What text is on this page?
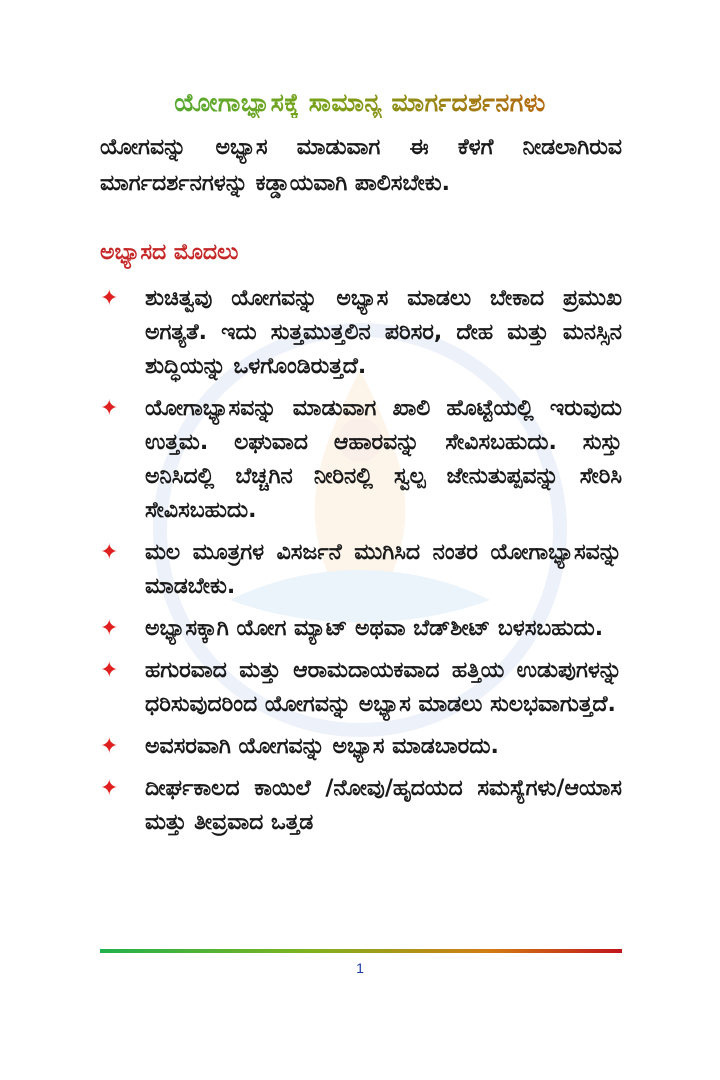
ಯೋಗಾಭ್ಯಾಸಕ್ಕೆ ಸಾಮಾನ್ಯ ಮಾರ್ಗದರ್ಶನಗಳು
ಯೋಗವನ್ನು ಅಭ್ಯಾಸ ಮಾಡುವಾಗ ಈ ಕೆಳಗೆ ನೀಡಲಾಗಿರುವ ಮಾರ್ಗದರ್ಶನಗಳನ್ನು ಕಡ್ಡಾಯವಾಗಿ ಪಾಲಿಸಬೇಕು.
ಅಭ್ಯಾಸದ ಮೊದಲು
✦ ಶುಚಿತ್ವವು ಯೋಗವನ್ನು ಅಭ್ಯಾಸ ಮಾಡಲು ಬೇಕಾದ ಪ್ರಮುಖ ಅಗತ್ಯತೆ. ಇದು ಸುತ್ತಮುತ್ತಲಿನ ಪರಿಸರ, ದೇಹ ಮತ್ತು ಮನಸ್ಸಿನ ಶುದ್ಧಿಯನ್ನು ಒಳಗೊಂಡಿರುತ್ತದೆ.
✦ ಯೋಗಾಭ್ಯಾಸವನ್ನು ಮಾಡುವಾಗ ಖಾಲಿ ಹೊಟ್ಟೆಯಲ್ಲಿ ಇರುವುದು ಉತ್ತಮ. ಲಘುವಾದ ಆಹಾರವನ್ನು ಸೇವಿಸಬಹುದು. ಸುಸ್ತು ಅನಿಸಿದಲ್ಲಿ ಬೆಚ್ಚಗಿನ ನೀರಿನಲ್ಲಿ ಸ್ವಲ್ಪ ಜೇನುತುಪ್ಪವನ್ನು ಸೇರಿಸಿ ಸೇವಿಸಬಹುದು.
✦ ಮಲ ಮೂತ್ರಗಳ ವಿಸರ್ಜನೆ ಮುಗಿಸಿದ ನಂತರ ಯೋಗಾಭ್ಯಾಸವನ್ನು ಮಾಡಬೇಕು.
✦ ಅಭ್ಯಾಸಕ್ಕಾಗಿ ಯೋಗ ಮ್ಯಾಟ್ ಅಥವಾ ಬೆಡ್‌ಶೀಟ್ ಬಳಸಬಹುದು.
✦ ಹಗುರವಾದ ಮತ್ತು ಆರಾಮದಾಯಕವಾದ ಹತ್ತಿಯ ಉಡುಪುಗಳನ್ನು ಧರಿಸುವುದರಿಂದ ಯೋಗವನ್ನು ಅಭ್ಯಾಸ ಮಾಡಲು ಸುಲಭವಾಗುತ್ತದೆ.
✦ ಅವಸರವಾಗಿ ಯೋಗವನ್ನು ಅಭ್ಯಾಸ ಮಾಡಬಾರದು.
✦ ದೀರ್ಘಕಾಲದ ಕಾಯಿಲೆ /ನೋವು/ಹೃದಯದ ಸಮಸ್ಯೆಗಳು/ಆಯಾಸ ಮತ್ತು ತೀವ್ರವಾದ ಒತ್ತಡ
1
